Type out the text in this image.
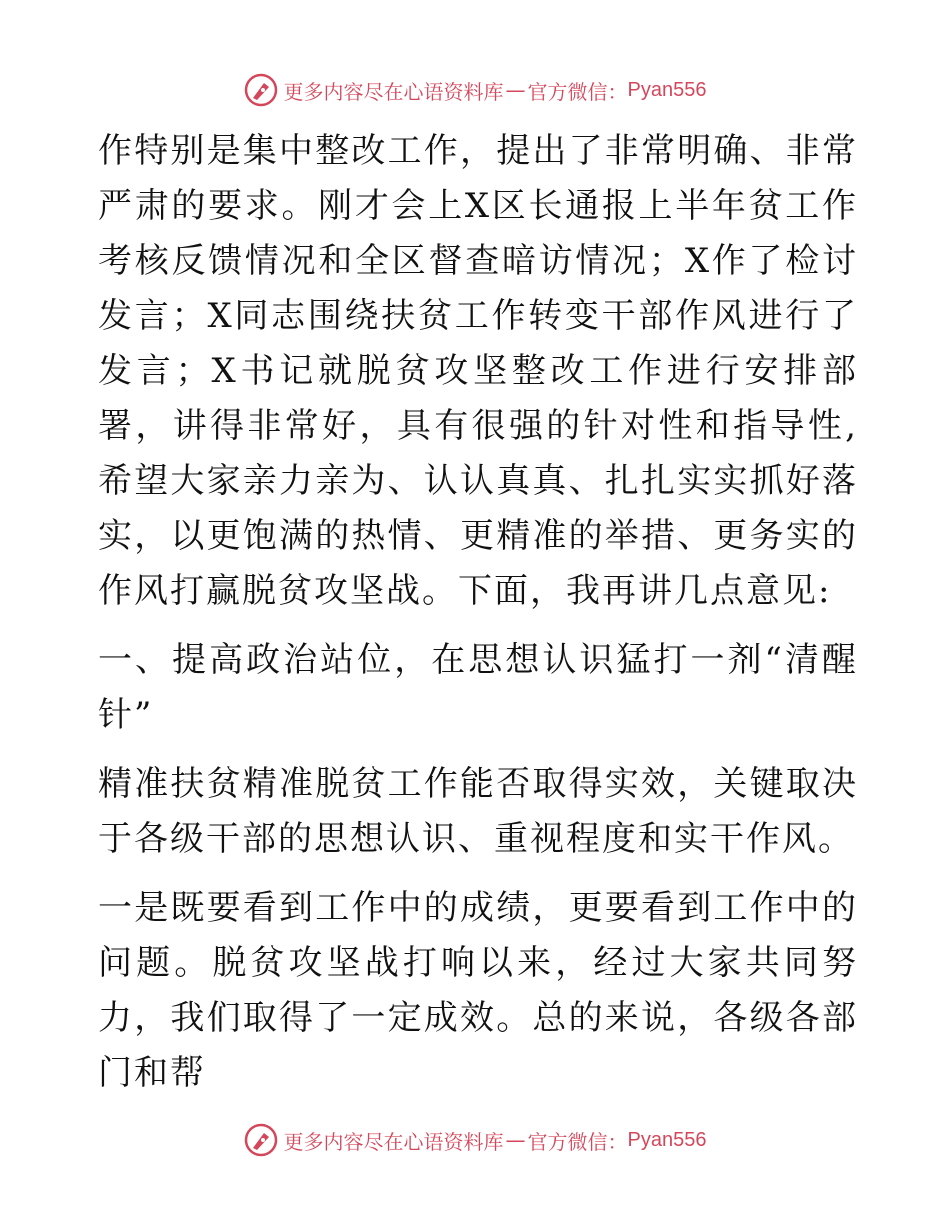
更多内容尽在心语资料库 — 官方微信： Pyan556

作特别是集中整改工作，提出了非常明确、非常严肃的要求。刚才会上X区长通报上半年贫工作考核反馈情况和全区督查暗访情况；X作了检讨发言；X同志围绕扶贫工作转变干部作风进行了发言；X书记就脱贫攻坚整改工作进行安排部署，讲得非常好，具有很强的针对性和指导性,希望大家亲力亲为、认认真真、扎扎实实抓好落实，以更饱满的热情、更精准的举措、更务实的作风打赢脱贫攻坚战。下面，我再讲几点意见:

一、提高政治站位，在思想认识猛打一剂“清醒针”

精准扶贫精准脱贫工作能否取得实效，关键取决于各级干部的思想认识、重视程度和实干作风。

一是既要看到工作中的成绩，更要看到工作中的问题。脱贫攻坚战打响以来，经过大家共同努力，我们取得了一定成效。总的来说，各级各部门和帮

更多内容尽在心语资料库 — 官方微信： Pyan556
